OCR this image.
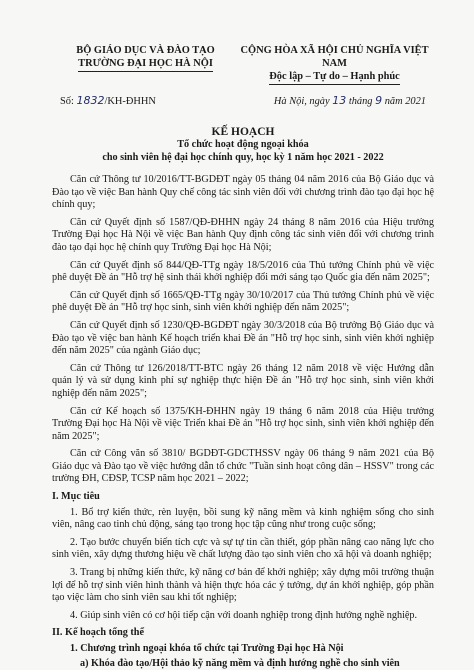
BỘ GIÁO DỤC VÀ ĐÀO TẠO
TRƯỜNG ĐẠI HỌC HÀ NỘI
CỘNG HÒA XÃ HỘI CHỦ NGHĨA VIỆT NAM
Độc lập – Tự do – Hạnh phúc
Số: 1832/KH-ĐHHN	Hà Nội, ngày 13 tháng 9 năm 2021
KẾ HOẠCH
Tổ chức hoạt động ngoại khóa
cho sinh viên hệ đại học chính quy, học kỳ 1 năm học 2021 - 2022

Căn cứ Thông tư 10/2016/TT-BGDĐT ngày 05 tháng 04 năm 2016 của Bộ Giáo dục và Đào tạo về việc Ban hành Quy chế công tác sinh viên đối với chương trình đào tạo đại học hệ chính quy;

Căn cứ Quyết định số 1587/QĐ-ĐHHN ngày 24 tháng 8 năm 2016 của Hiệu trưởng Trường Đại học Hà Nội về việc Ban hành Quy định công tác sinh viên đối với chương trình đào tạo đại học hệ chính quy Trường Đại học Hà Nội;

Căn cứ Quyết định số 844/QĐ-TTg ngày 18/5/2016 của Thủ tướng Chính phủ về việc phê duyệt Đề án "Hỗ trợ hệ sinh thái khởi nghiệp đổi mới sáng tạo Quốc gia đến năm 2025";

Căn cứ Quyết định số 1665/QĐ-TTg ngày 30/10/2017 của Thủ tướng Chính phủ về việc phê duyệt Đề án "Hỗ trợ học sinh, sinh viên khởi nghiệp đến năm 2025";

Căn cứ Quyết định số 1230/QĐ-BGDĐT ngày 30/3/2018 của Bộ trưởng Bộ Giáo dục và Đào tạo về việc ban hành Kế hoạch triển khai Đề án "Hỗ trợ học sinh, sinh viên khởi nghiệp đến năm 2025" của ngành Giáo dục;

Căn cứ Thông tư 126/2018/TT-BTC ngày 26 tháng 12 năm 2018 về việc Hướng dẫn quản lý và sử dụng kinh phí sự nghiệp thực hiện Đề án "Hỗ trợ học sinh, sinh viên khởi nghiệp đến năm 2025";

Căn cứ Kế hoạch số 1375/KH-ĐHHN ngày 19 tháng 6 năm 2018 của Hiệu trưởng Trường Đại học Hà Nội về việc Triển khai Đề án "Hỗ trợ học sinh, sinh viên khởi nghiệp đến năm 2025";

Căn cứ Công văn số 3810/ BGDĐT-GDCTHSSV ngày 06 tháng 9 năm 2021 của Bộ Giáo dục và Đào tạo về việc hướng dẫn tổ chức "Tuần sinh hoạt công dân – HSSV" trong các trường ĐH, CĐSP, TCSP năm học 2021 – 2022;

I. Mục tiêu

1. Bổ trợ kiến thức, rèn luyện, bồi sung kỹ năng mềm và kinh nghiệm sống cho sinh viên, nâng cao tinh chủ động, sáng tạo trong học tập cũng như trong cuộc sống;

2. Tạo bước chuyển biến tích cực và sự tự tin cần thiết, góp phần nâng cao năng lực cho sinh viên, xây dựng thương hiệu về chất lượng đào tạo sinh viên cho xã hội và doanh nghiệp;

3. Trang bị những kiến thức, kỹ năng cơ bản để khởi nghiệp; xây dựng môi trường thuận lợi để hỗ trợ sinh viên hình thành và hiện thực hóa các ý tưởng, dự án khởi nghiệp, góp phần tạo việc làm cho sinh viên sau khi tốt nghiệp;

4. Giúp sinh viên có cơ hội tiếp cận với doanh nghiệp trong định hướng nghề nghiệp.

II. Kế hoạch tổng thể
1. Chương trình ngoại khóa tổ chức tại Trường Đại học Hà Nội
a) Khóa đào tạo/Hội thảo kỹ năng mềm và định hướng nghề cho sinh viên
